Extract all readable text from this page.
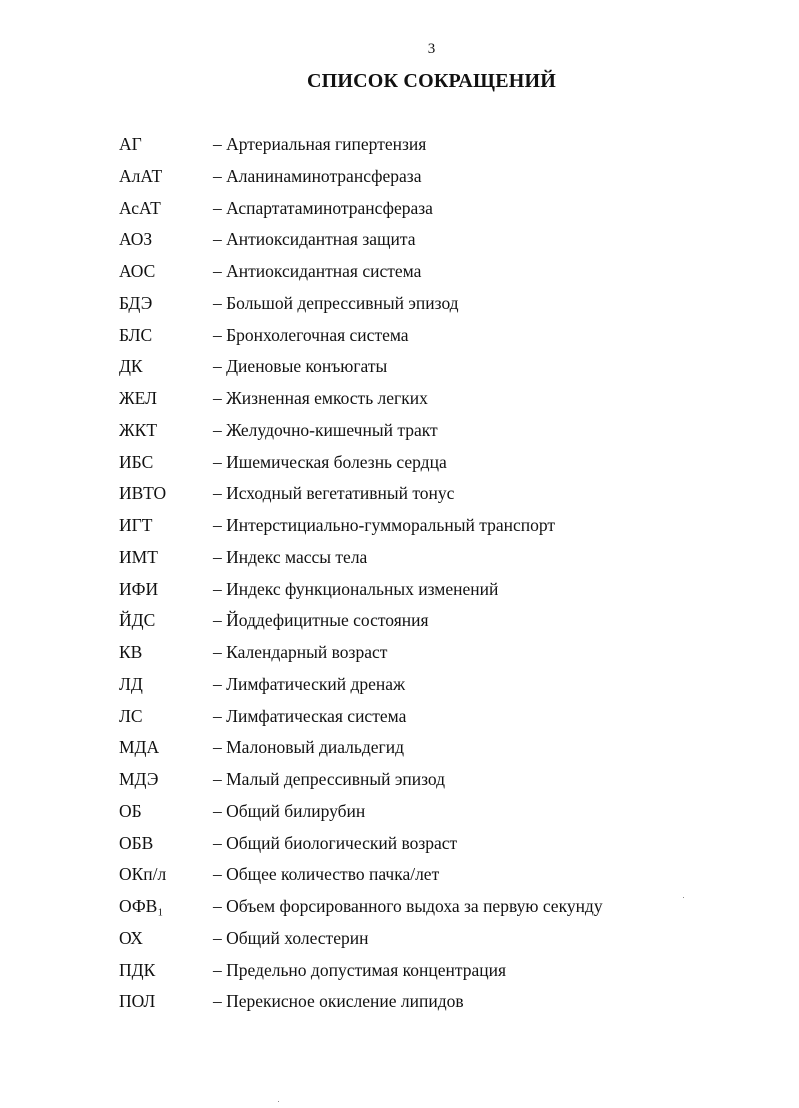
3
СПИСОК СОКРАЩЕНИЙ
АГ	– Артериальная гипертензия
АлАТ	– Аланинаминотрансфераза
АсАТ	– Аспартатаминотрансфераза
АОЗ	– Антиоксидантная защита
АОС	– Антиоксидантная система
БДЭ	– Большой депрессивный эпизод
БЛС	– Бронхолегочная система
ДК	– Диеновые конъюгаты
ЖЕЛ	– Жизненная емкость легких
ЖКТ	– Желудочно-кишечный тракт
ИБС	– Ишемическая болезнь сердца
ИВТО	– Исходный вегетативный тонус
ИГТ	– Интерстициально-гумморальный транспорт
ИМТ	– Индекс массы тела
ИФИ	– Индекс функциональных изменений
ЙДС	– Йоддефицитные состояния
КВ	– Календарный возраст
ЛД	– Лимфатический дренаж
ЛС	– Лимфатическая система
МДА	– Малоновый диальдегид
МДЭ	– Малый депрессивный эпизод
ОБ	– Общий билирубин
ОБВ	– Общий биологический возраст
ОКп/л	– Общее количество пачка/лет
ОФВ₁	– Объем форсированного выдоха за первую секунду
ОХ	– Общий холестерин
ПДК	– Предельно допустимая концентрация
ПОЛ	– Перекисное окисление липидов
